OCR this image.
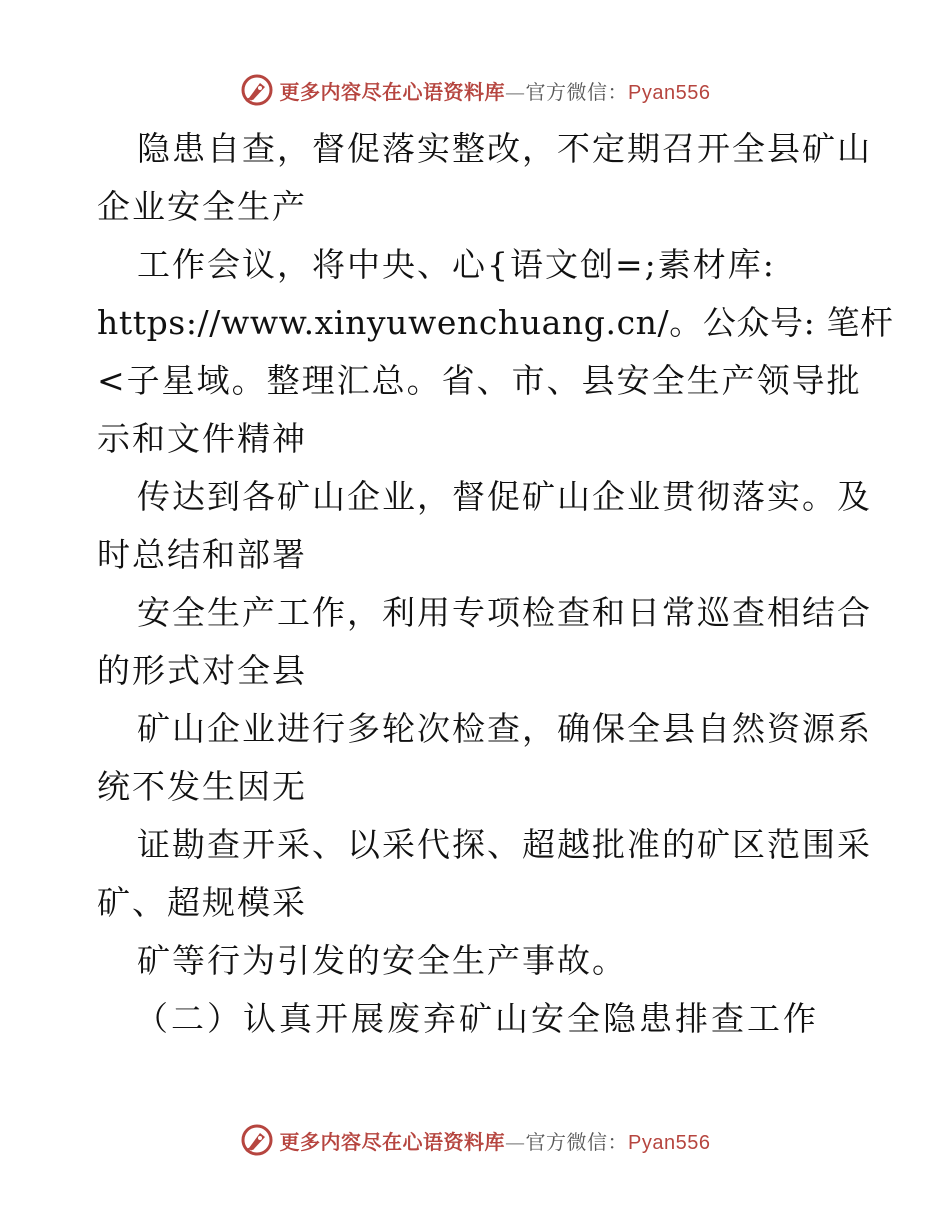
更多内容尽在心语资料库—官方微信：Pyan556
隐患自查，督促落实整改，不定期召开全县矿山
企业安全生产
工作会议，将中央、心{语文创=;素材库:
https://www.xinyuwenchuang.cn/。公众号: 笔杆
<子星域。整理汇总。省、市、县安全生产领导批
示和文件精神
传达到各矿山企业，督促矿山企业贯彻落实。及
时总结和部署
安全生产工作，利用专项检查和日常巡查相结合
的形式对全县
矿山企业进行多轮次检查，确保全县自然资源系
统不发生因无
证勘查开采、以采代探、超越批准的矿区范围采
矿、超规模采
矿等行为引发的安全生产事故。
（二）认真开展废弃矿山安全隐患排查工作
更多内容尽在心语资料库—官方微信：Pyan556
